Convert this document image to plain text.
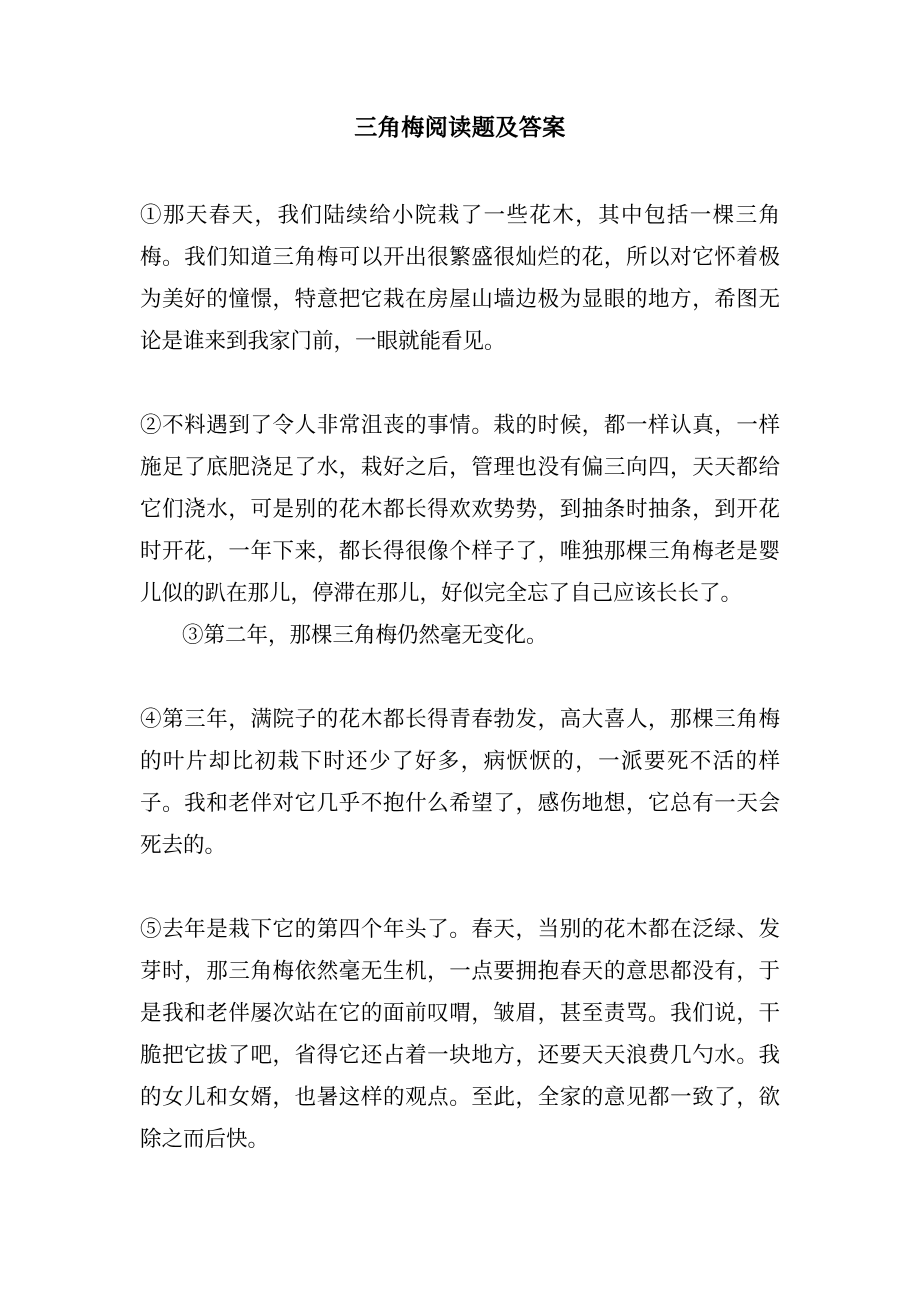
三角梅阅读题及答案

①那天春天，我们陆续给小院栽了一些花木，其中包括一棵三角梅。我们知道三角梅可以开出很繁盛很灿烂的花，所以对它怀着极为美好的憧憬，特意把它栽在房屋山墙边极为显眼的地方，希图无论是谁来到我家门前，一眼就能看见。

②不料遇到了令人非常沮丧的事情。栽的时候，都一样认真，一样施足了底肥浇足了水，栽好之后，管理也没有偏三向四，天天都给它们浇水，可是别的花木都长得欢欢势势，到抽条时抽条，到开花时开花，一年下来，都长得很像个样子了，唯独那棵三角梅老是婴儿似的趴在那儿，停滞在那儿，好似完全忘了自己应该长长了。

③第二年，那棵三角梅仍然毫无变化。

④第三年，满院子的花木都长得青春勃发，高大喜人，那棵三角梅的叶片却比初栽下时还少了好多，病恹恹的，一派要死不活的样子。我和老伴对它几乎不抱什么希望了，感伤地想，它总有一天会死去的。

⑤去年是栽下它的第四个年头了。春天，当别的花木都在泛绿、发芽时，那三角梅依然毫无生机，一点要拥抱春天的意思都没有，于是我和老伴屡次站在它的面前叹喟，皱眉，甚至责骂。我们说，干脆把它拔了吧，省得它还占着一块地方，还要天天浪费几勺水。我的女儿和女婿，也暑这样的观点。至此，全家的意见都一致了，欲除之而后快。
